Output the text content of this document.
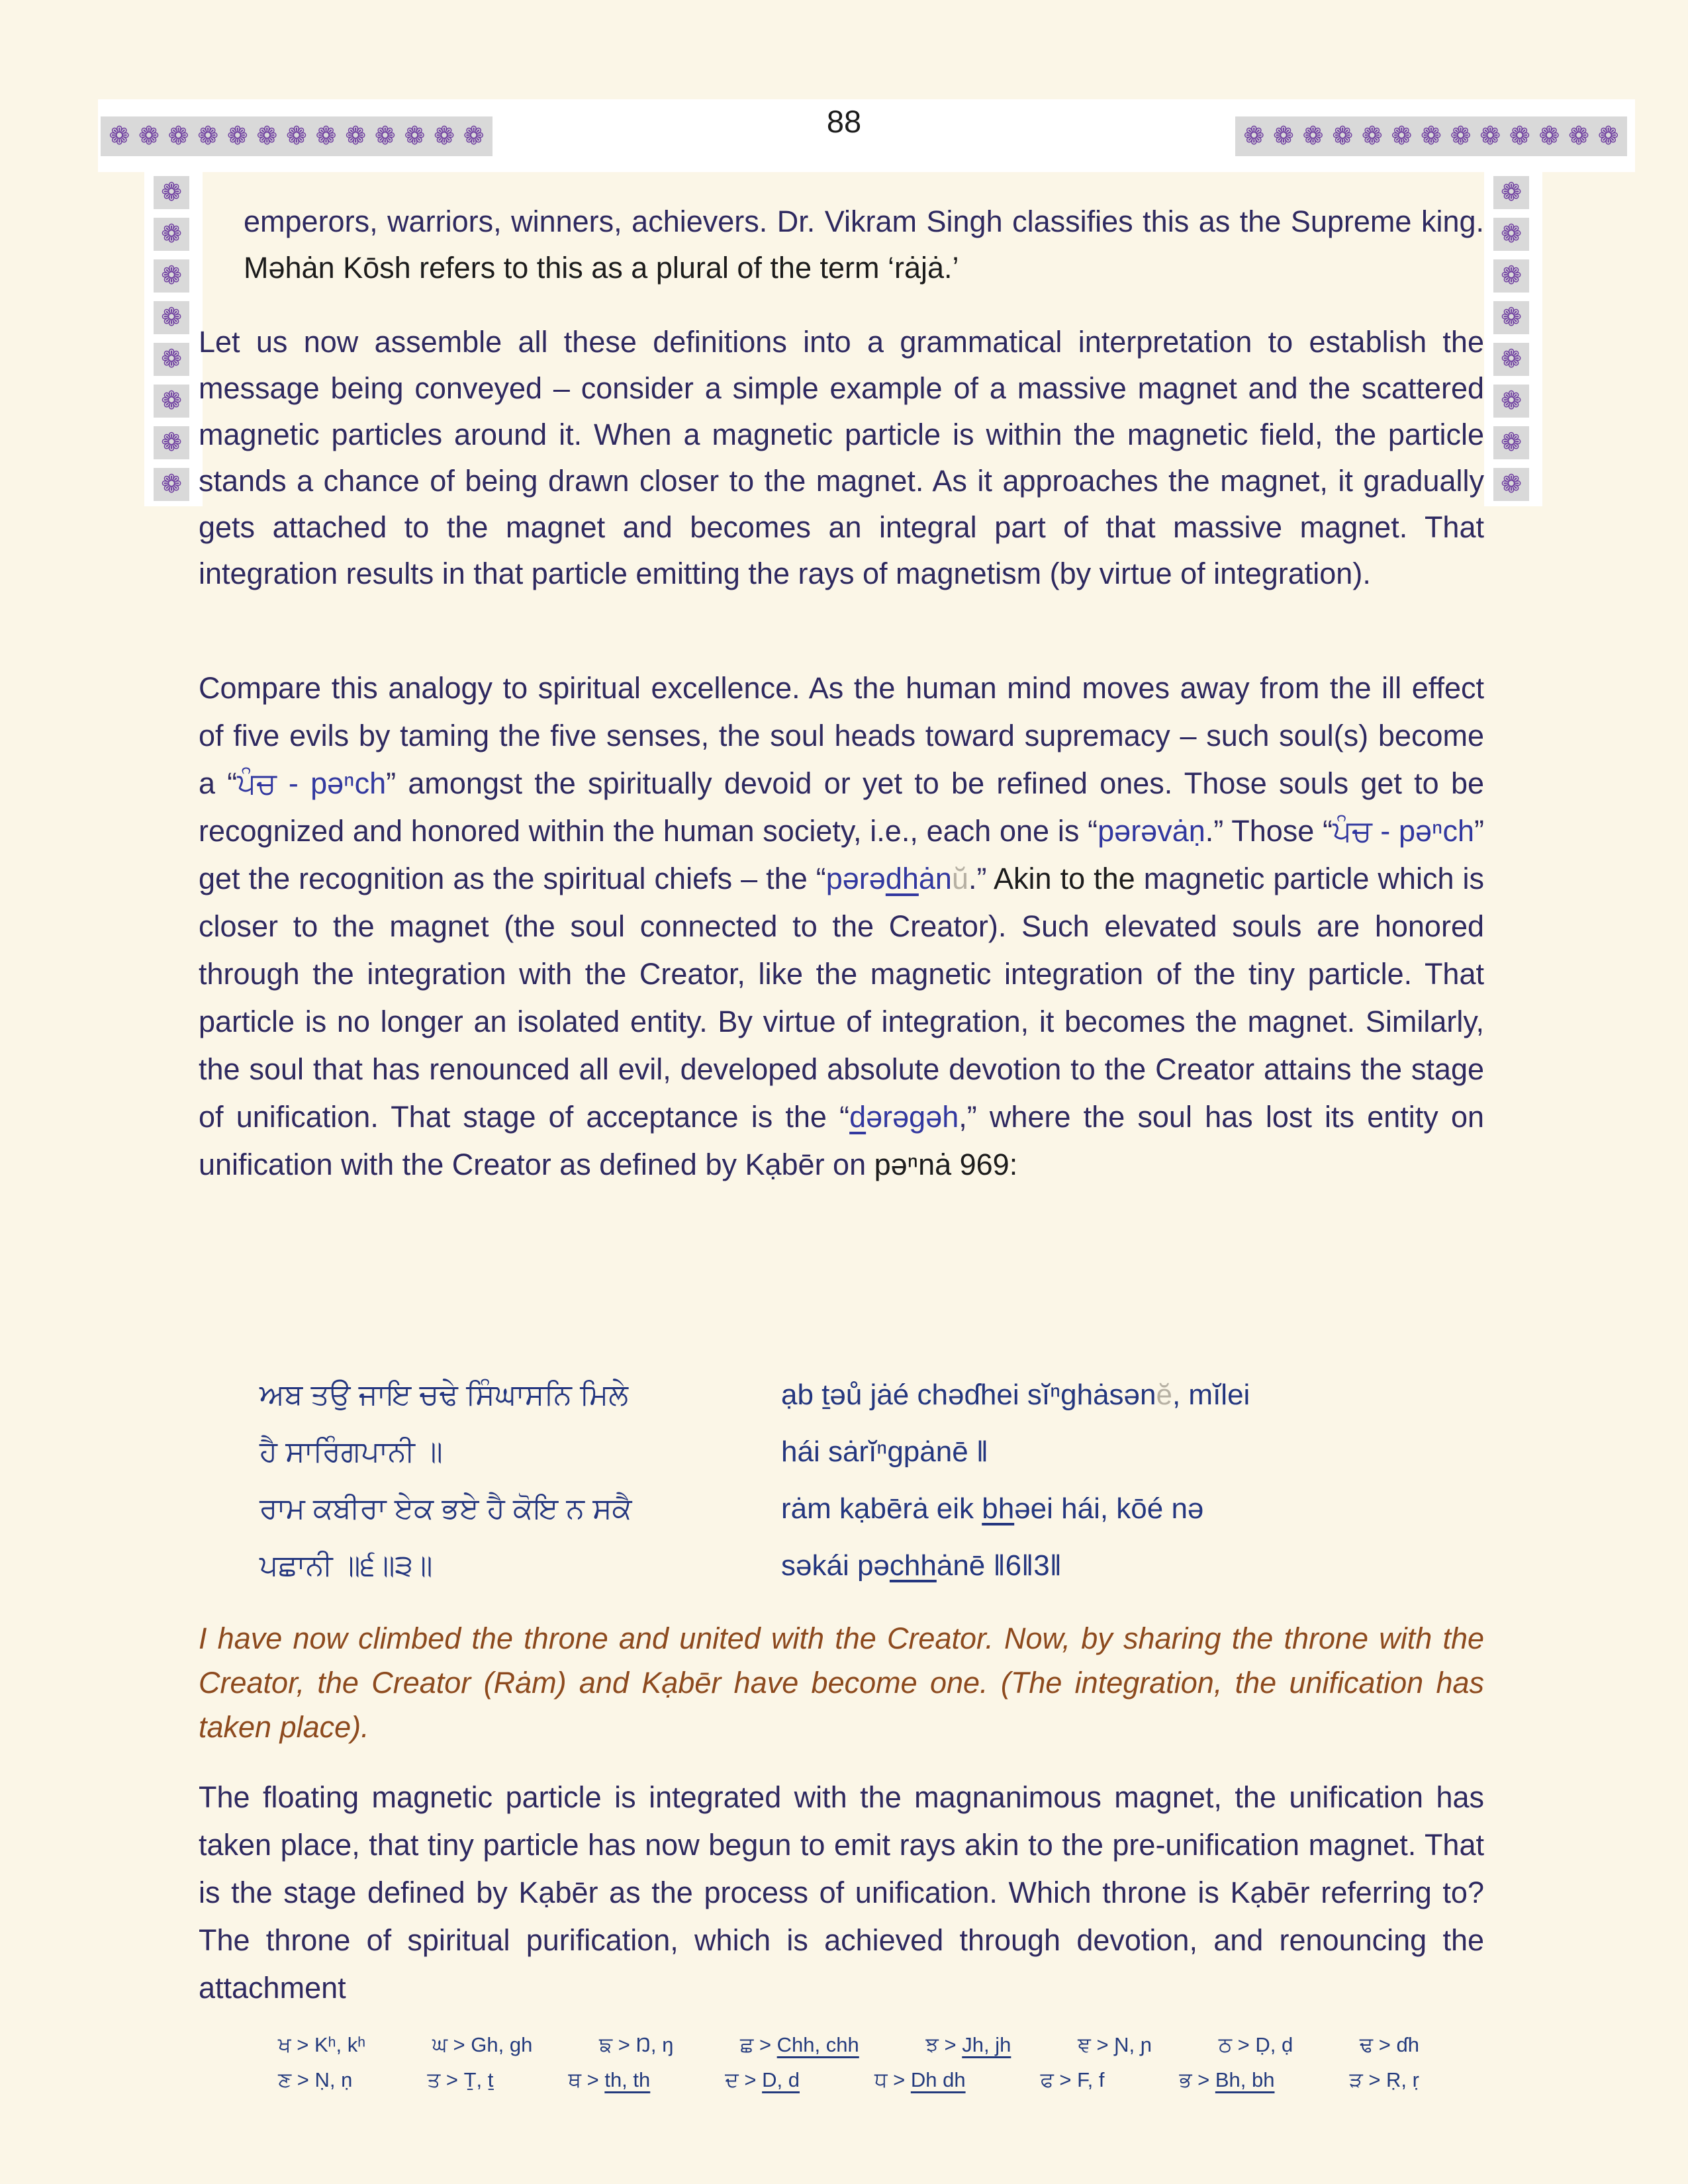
❁ ❁ ❁ ❁ ❁ ❁ ❁ ❁ ❁ ❁ ❁ ❁ ❁	❁ ❁ ❁ ❁ ❁ ❁ ❁ ❁ ❁ ❁ ❁ ❁ ❁
❁
❁
❁
❁
❁
❁
❁
❁
❁
❁
❁
❁
❁
❁
❁
❁
88

emperors, warriors, winners, achievers. Dr. Vikram Singh classifies this as the Supreme king. Məhȧn Kōsh refers to this as a plural of the term ‘rȧjȧ.’

Let us now assemble all these definitions into a grammatical interpretation to establish the message being conveyed – consider a simple example of a massive magnet and the scattered magnetic particles around it. When a magnetic particle is within the magnetic field, the particle stands a chance of being drawn closer to the magnet. As it approaches the magnet, it gradually gets attached to the magnet and becomes an integral part of that massive magnet. That integration results in that particle emitting the rays of magnetism (by virtue of integration).

Compare this analogy to spiritual excellence. As the human mind moves away from the ill effect of five evils by taming the five senses, the soul heads toward supremacy – such soul(s) become a “ਪੰਚ - pəⁿch” amongst the spiritually devoid or yet to be refined ones. Those souls get to be recognized and honored within the human society, i.e., each one is “pərəvȧṇ.” Those “ਪੰਚ - pəⁿch” get the recognition as the spiritual chiefs – the “pərədhȧnŭ.” Akin to the magnetic particle which is closer to the magnet (the soul connected to the Creator). Such elevated souls are honored through the integration with the Creator, like the magnetic integration of the tiny particle. That particle is no longer an isolated entity. By virtue of integration, it becomes the magnet. Similarly, the soul that has renounced all evil, developed absolute devotion to the Creator attains the stage of unification. That stage of acceptance is the “dərəgəh,” where the soul has lost its entity on unification with the Creator as defined by Kạbēr on pəⁿnȧ 969:

ਅਬ ਤਉ ਜਾਇ ਚਢੇ ਸਿੰਘਾਸਨਿ ਮਿਲੇ	ạb ṯəů jȧé chəɗhei sĭⁿghȧsənĕ, mĭlei
ਹੈ ਸਾਰਿੰਗਪਾਨੀ ॥	hái sȧrĭⁿgpȧnē ‖
ਰਾਮ ਕਬੀਰਾ ਏਕ ਭਏ ਹੈ ਕੋਇ ਨ ਸਕੈ	rȧm kạbērȧ eik bhəei hái, kōé nə
ਪਛਾਨੀ ॥੬॥੩॥	səkái pəchhȧnē ‖6‖3‖

I have now climbed the throne and united with the Creator. Now, by sharing the throne with the Creator, the Creator (Rȧm) and Kạbēr have become one. (The integration, the unification has taken place).

The floating magnetic particle is integrated with the magnanimous magnet, the unification has taken place, that tiny particle has now begun to emit rays akin to the pre-unification magnet. That is the stage defined by Kạbēr as the process of unification. Which throne is Kạbēr referring to? The throne of spiritual purification, which is achieved through devotion, and renouncing the attachment

ਖ > Kʰ, kʰ	ਘ > Gh, gh	ਙ > Ŋ, ŋ	ਛ > Chh, chh	ਝ > Jh, jh	ਞ > Ɲ, ɲ	ਠ > Ḍ, ḍ	ਢ > ɗh
ਣ > Ṇ, ṇ	ਤ > Ṯ, ṯ	ਥ > th, th	ਦ > D, d	ਧ > Dh dh	ਫ > F, f	ਭ > Bh, bh	ੜ > Ṛ, ṛ
